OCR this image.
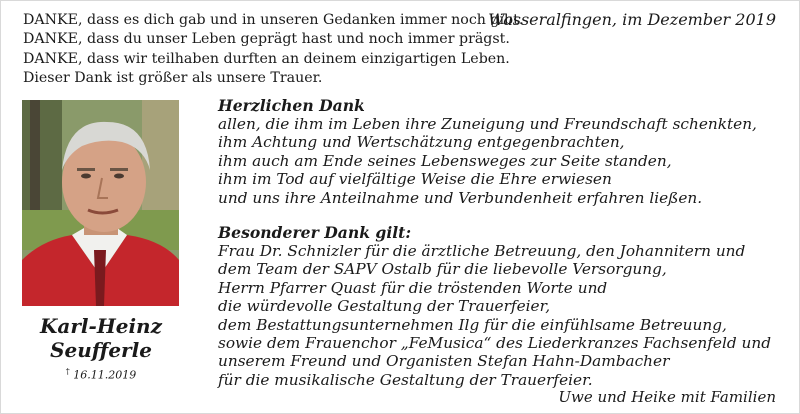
DANKE, dass es dich gab und in unseren Gedanken immer noch gibt.
DANKE, dass du unser Leben geprägt hast und noch immer prägst.
DANKE, dass wir teilhaben durften an deinem einzigartigen Leben.
Dieser Dank ist größer als unsere Trauer.
Wasseralfingen, im Dezember 2019
Karl-Heinz
Seufferle
† 16.11.2019
Herzlichen Dank
allen, die ihm im Leben ihre Zuneigung und Freundschaft schenkten,
ihm Achtung und Wertschätzung entgegenbrachten,
ihm auch am Ende seines Lebensweges zur Seite standen,
ihm im Tod auf vielfältige Weise die Ehre erwiesen
und uns ihre Anteilnahme und Verbundenheit erfahren ließen.
Besonderer Dank gilt:
Frau Dr. Schnizler für die ärztliche Betreuung, den Johannitern und
dem Team der SAPV Ostalb für die liebevolle Versorgung,
Herrn Pfarrer Quast für die tröstenden Worte und
die würdevolle Gestaltung der Trauerfeier,
dem Bestattungsunternehmen Ilg für die einfühlsame Betreuung,
sowie dem Frauenchor „FeMusica“ des Liederkranzes Fachsenfeld und
unserem Freund und Organisten Stefan Hahn-Dambacher
für die musikalische Gestaltung der Trauerfeier.
Uwe und Heike mit Familien
